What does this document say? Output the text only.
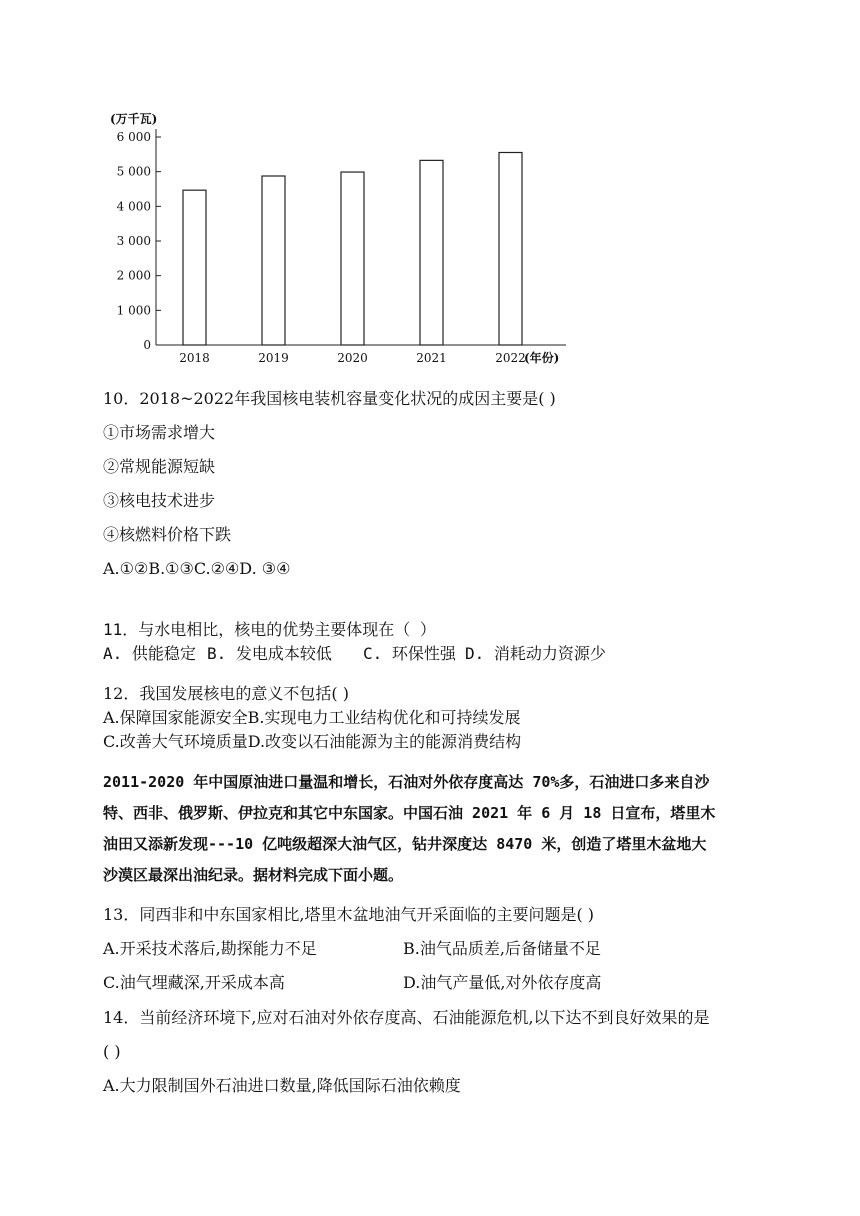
0
1 000
2 000
3 000
4 000
5 000
6 000
(万千瓦)
2018	2019	2020	2021	2022
(年份)
10．2018~2022年我国核电装机容量变化状况的成因主要是( )
①市场需求增大
②常规能源短缺
③核电技术进步
④核燃料价格下跌
A.①②B.①③C.②④D. ③④
11．与水电相比，核电的优势主要体现在（ ）
A. 供能稳定 B. 发电成本较低 C. 环保性强 D. 消耗动力资源少
12．我国发展核电的意义不包括( )
A.保障国家能源安全B.实现电力工业结构优化和可持续发展
C.改善大气环境质量D.改变以石油能源为主的能源消费结构
2011-2020 年中国原油进口量温和增长，石油对外依存度高达 70%多，石油进口多来自沙
特、西非、俄罗斯、伊拉克和其它中东国家。中国石油 2021 年 6 月 18 日宣布，塔里木
油田又添新发现---10 亿吨级超深大油气区，钻井深度达 8470 米，创造了塔里木盆地大
沙漠区最深出油纪录。据材料完成下面小题。
13．同西非和中东国家相比,塔里木盆地油气开采面临的主要问题是( )
A.开采技术落后,勘探能力不足	B.油气品质差,后备储量不足
C.油气埋藏深,开采成本高	D.油气产量低,对外依存度高
14．当前经济环境下,应对石油对外依存度高、石油能源危机,以下达不到良好效果的是
( )
A.大力限制国外石油进口数量,降低国际石油依赖度
